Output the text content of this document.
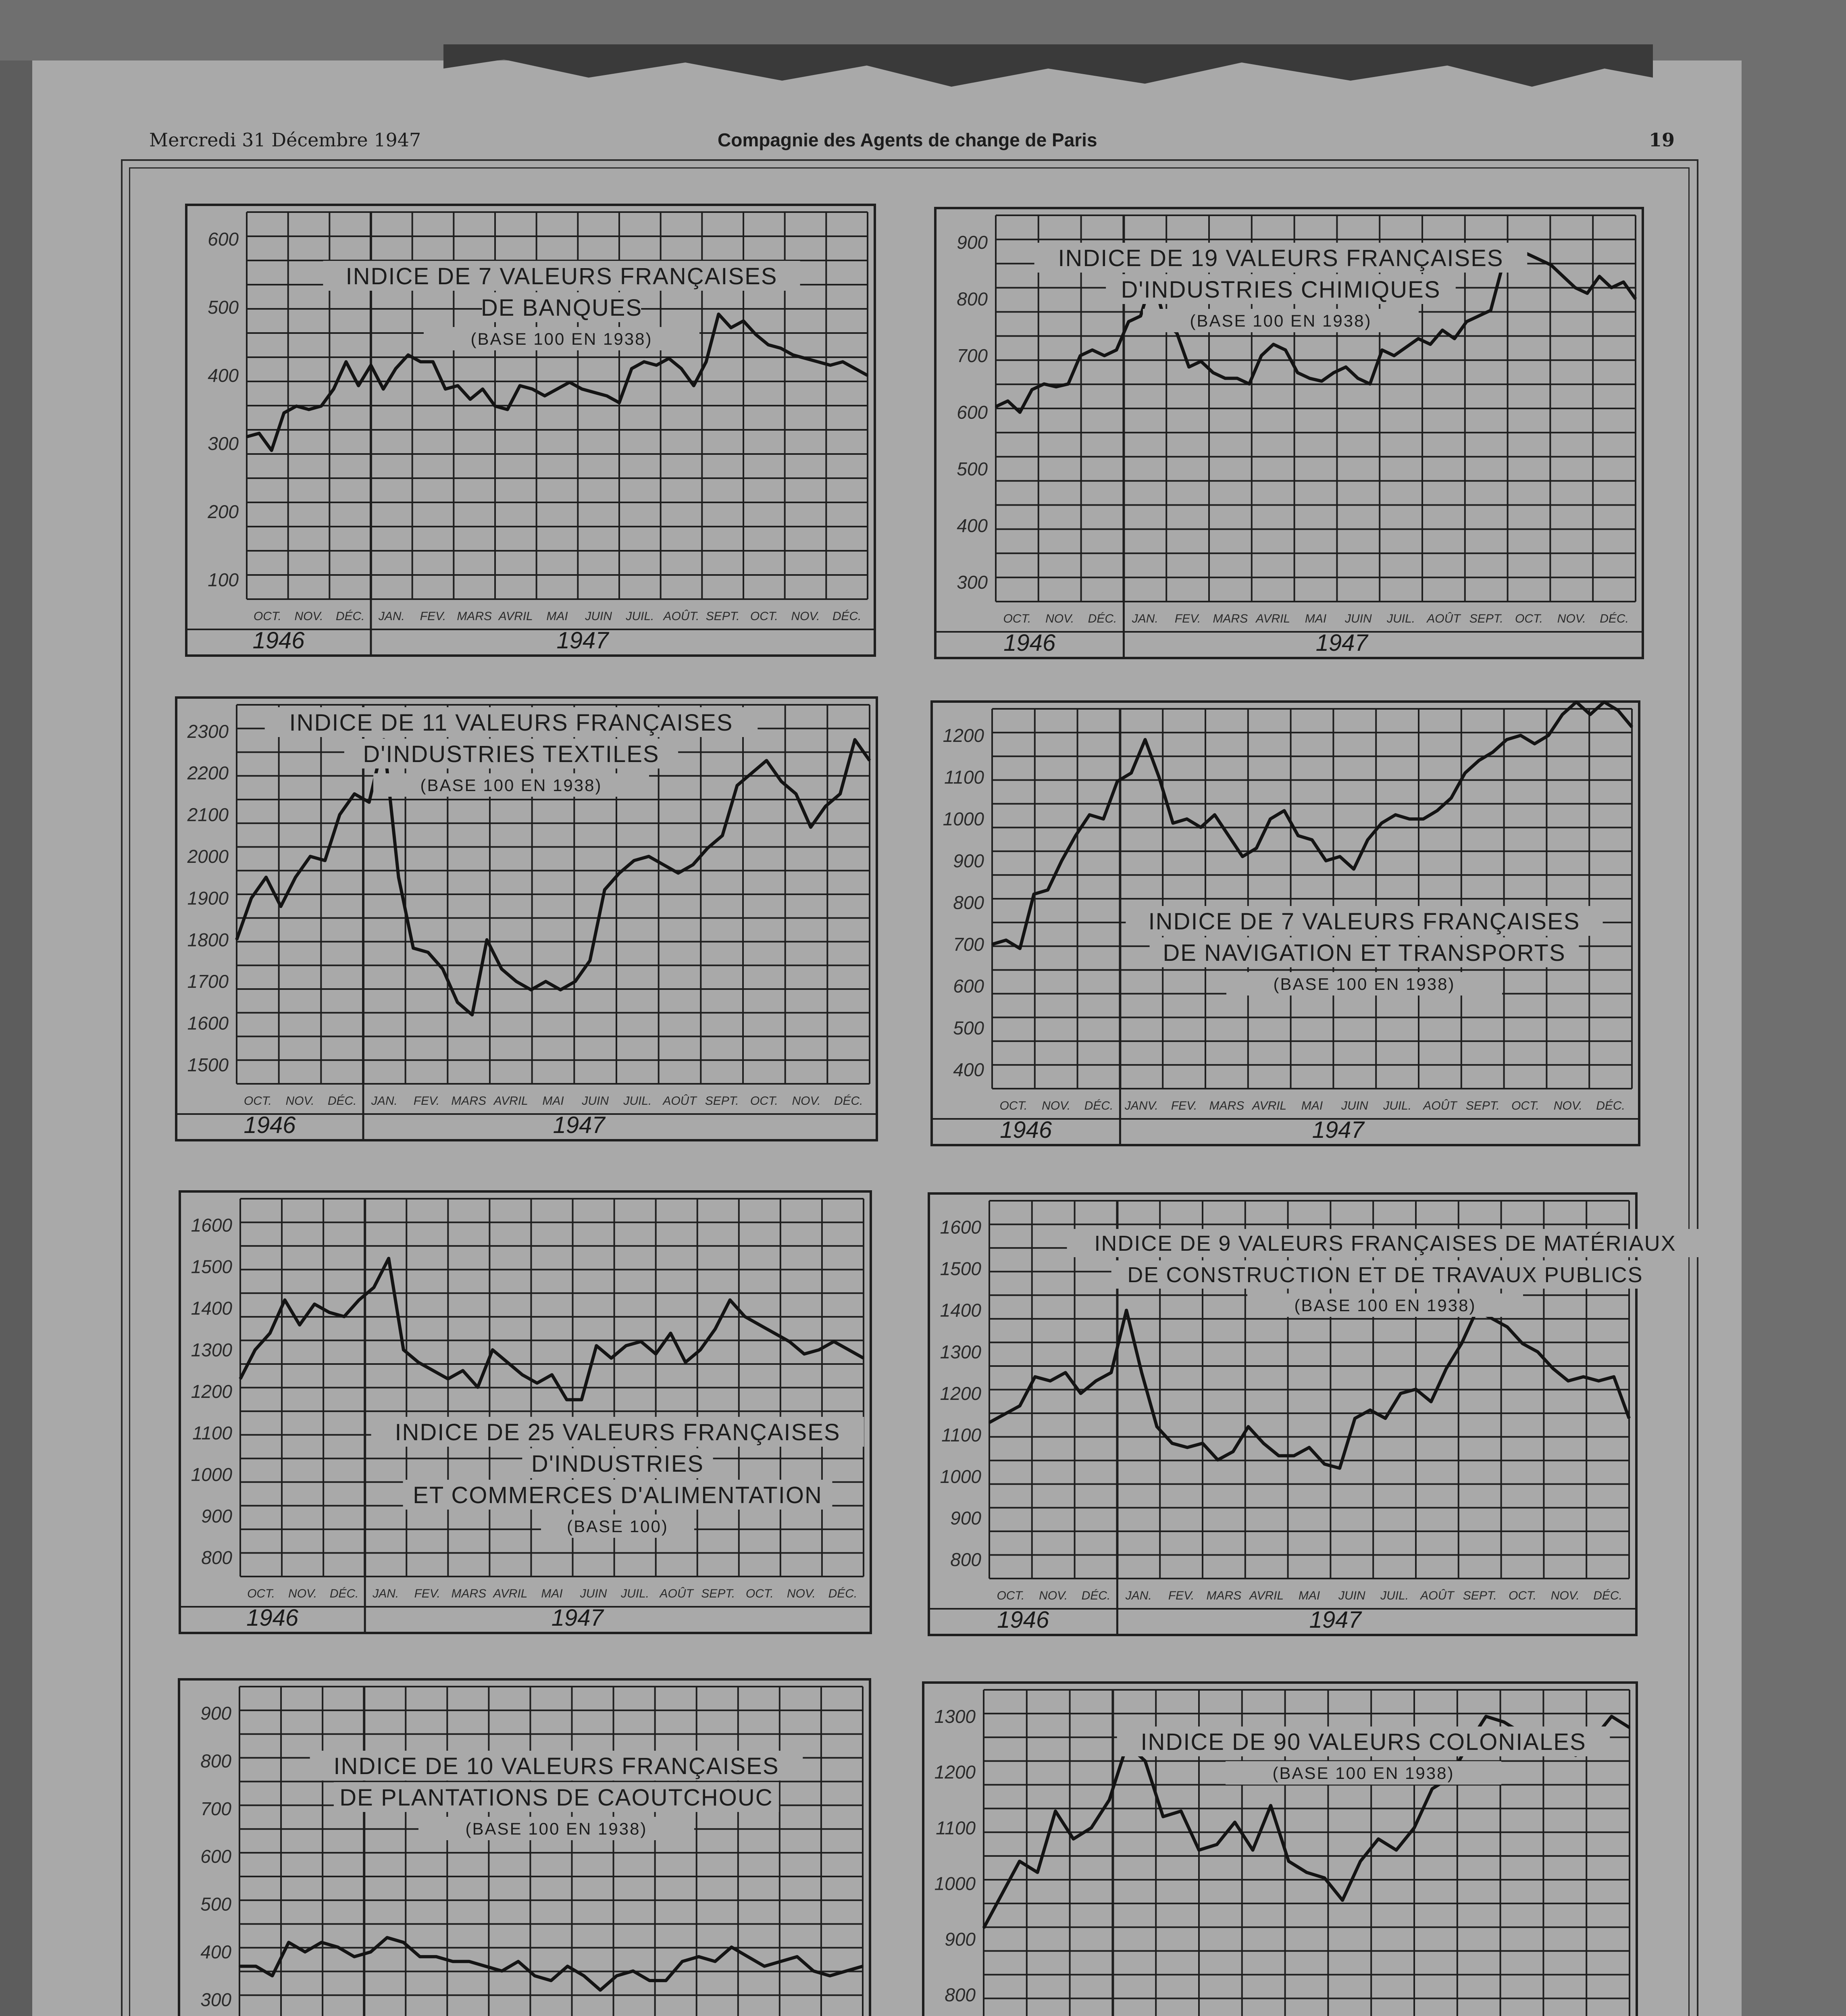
Mercredi 31 Décembre 1947	Compagnie des Agents de change de Paris	19
600
500
400
300
200
100
OCT. NOV. DÉC. JAN. FEV. MARS AVRIL MAI JUIN JUIL. AOÛT. SEPT. OCT. NOV. DÉC.
1946	1947
INDICE DE 7 VALEURS FRANÇAISES
DE BANQUES
(BASE 100 EN 1938)
900
800
700
600
500
400
300
OCT. NOV. DÉC. JAN. FEV. MARS AVRIL MAI JUIN JUIL. AOÛT SEPT. OCT. NOV. DÉC.
1946	1947
INDICE DE 19 VALEURS FRANÇAISES
D'INDUSTRIES CHIMIQUES
(BASE 100 EN 1938)
2300
2200
2100
2000
1900
1800
1700
1600
1500
OCT. NOV. DÉC. JAN. FEV. MARS AVRIL MAI JUIN JUIL. AOÛT SEPT. OCT. NOV. DÉC.
1946	1947
INDICE DE 11 VALEURS FRANÇAISES
D'INDUSTRIES TEXTILES
(BASE 100 EN 1938)
1200
1100
1000
900
800
700
600
500
400
OCT. NOV. DÉC. JANV. FEV. MARS AVRIL MAI JUIN JUIL. AOÛT SEPT. OCT. NOV. DÉC.
1946	1947
INDICE DE 7 VALEURS FRANÇAISES
DE NAVIGATION ET TRANSPORTS
(BASE 100 EN 1938)
1600
1500
1400
1300
1200
1100
1000
900
800
OCT. NOV. DÉC. JAN. FEV. MARS AVRIL MAI JUIN JUIL. AOÛT SEPT. OCT. NOV. DÉC.
1946	1947
INDICE DE 25 VALEURS FRANÇAISES
D'INDUSTRIES
ET COMMERCES D'ALIMENTATION
(BASE 100)
1600
1500
1400
1300
1200
1100
1000
900
800
OCT. NOV. DÉC. JAN. FEV. MARS AVRIL MAI JUIN JUIL. AOÛT SEPT. OCT. NOV. DÉC.
1946	1947
INDICE DE 9 VALEURS FRANÇAISES DE MATÉRIAUX
DE CONSTRUCTION ET DE TRAVAUX PUBLICS
(BASE 100 EN 1938)
900
800
700
600
500
400
300
INDICE DE 10 VALEURS FRANÇAISES
DE PLANTATIONS DE CAOUTCHOUC
(BASE 100 EN 1938)
1300
1200
1100
1000
900
800
INDICE DE 90 VALEURS COLONIALES
(BASE 100 EN 1938)
